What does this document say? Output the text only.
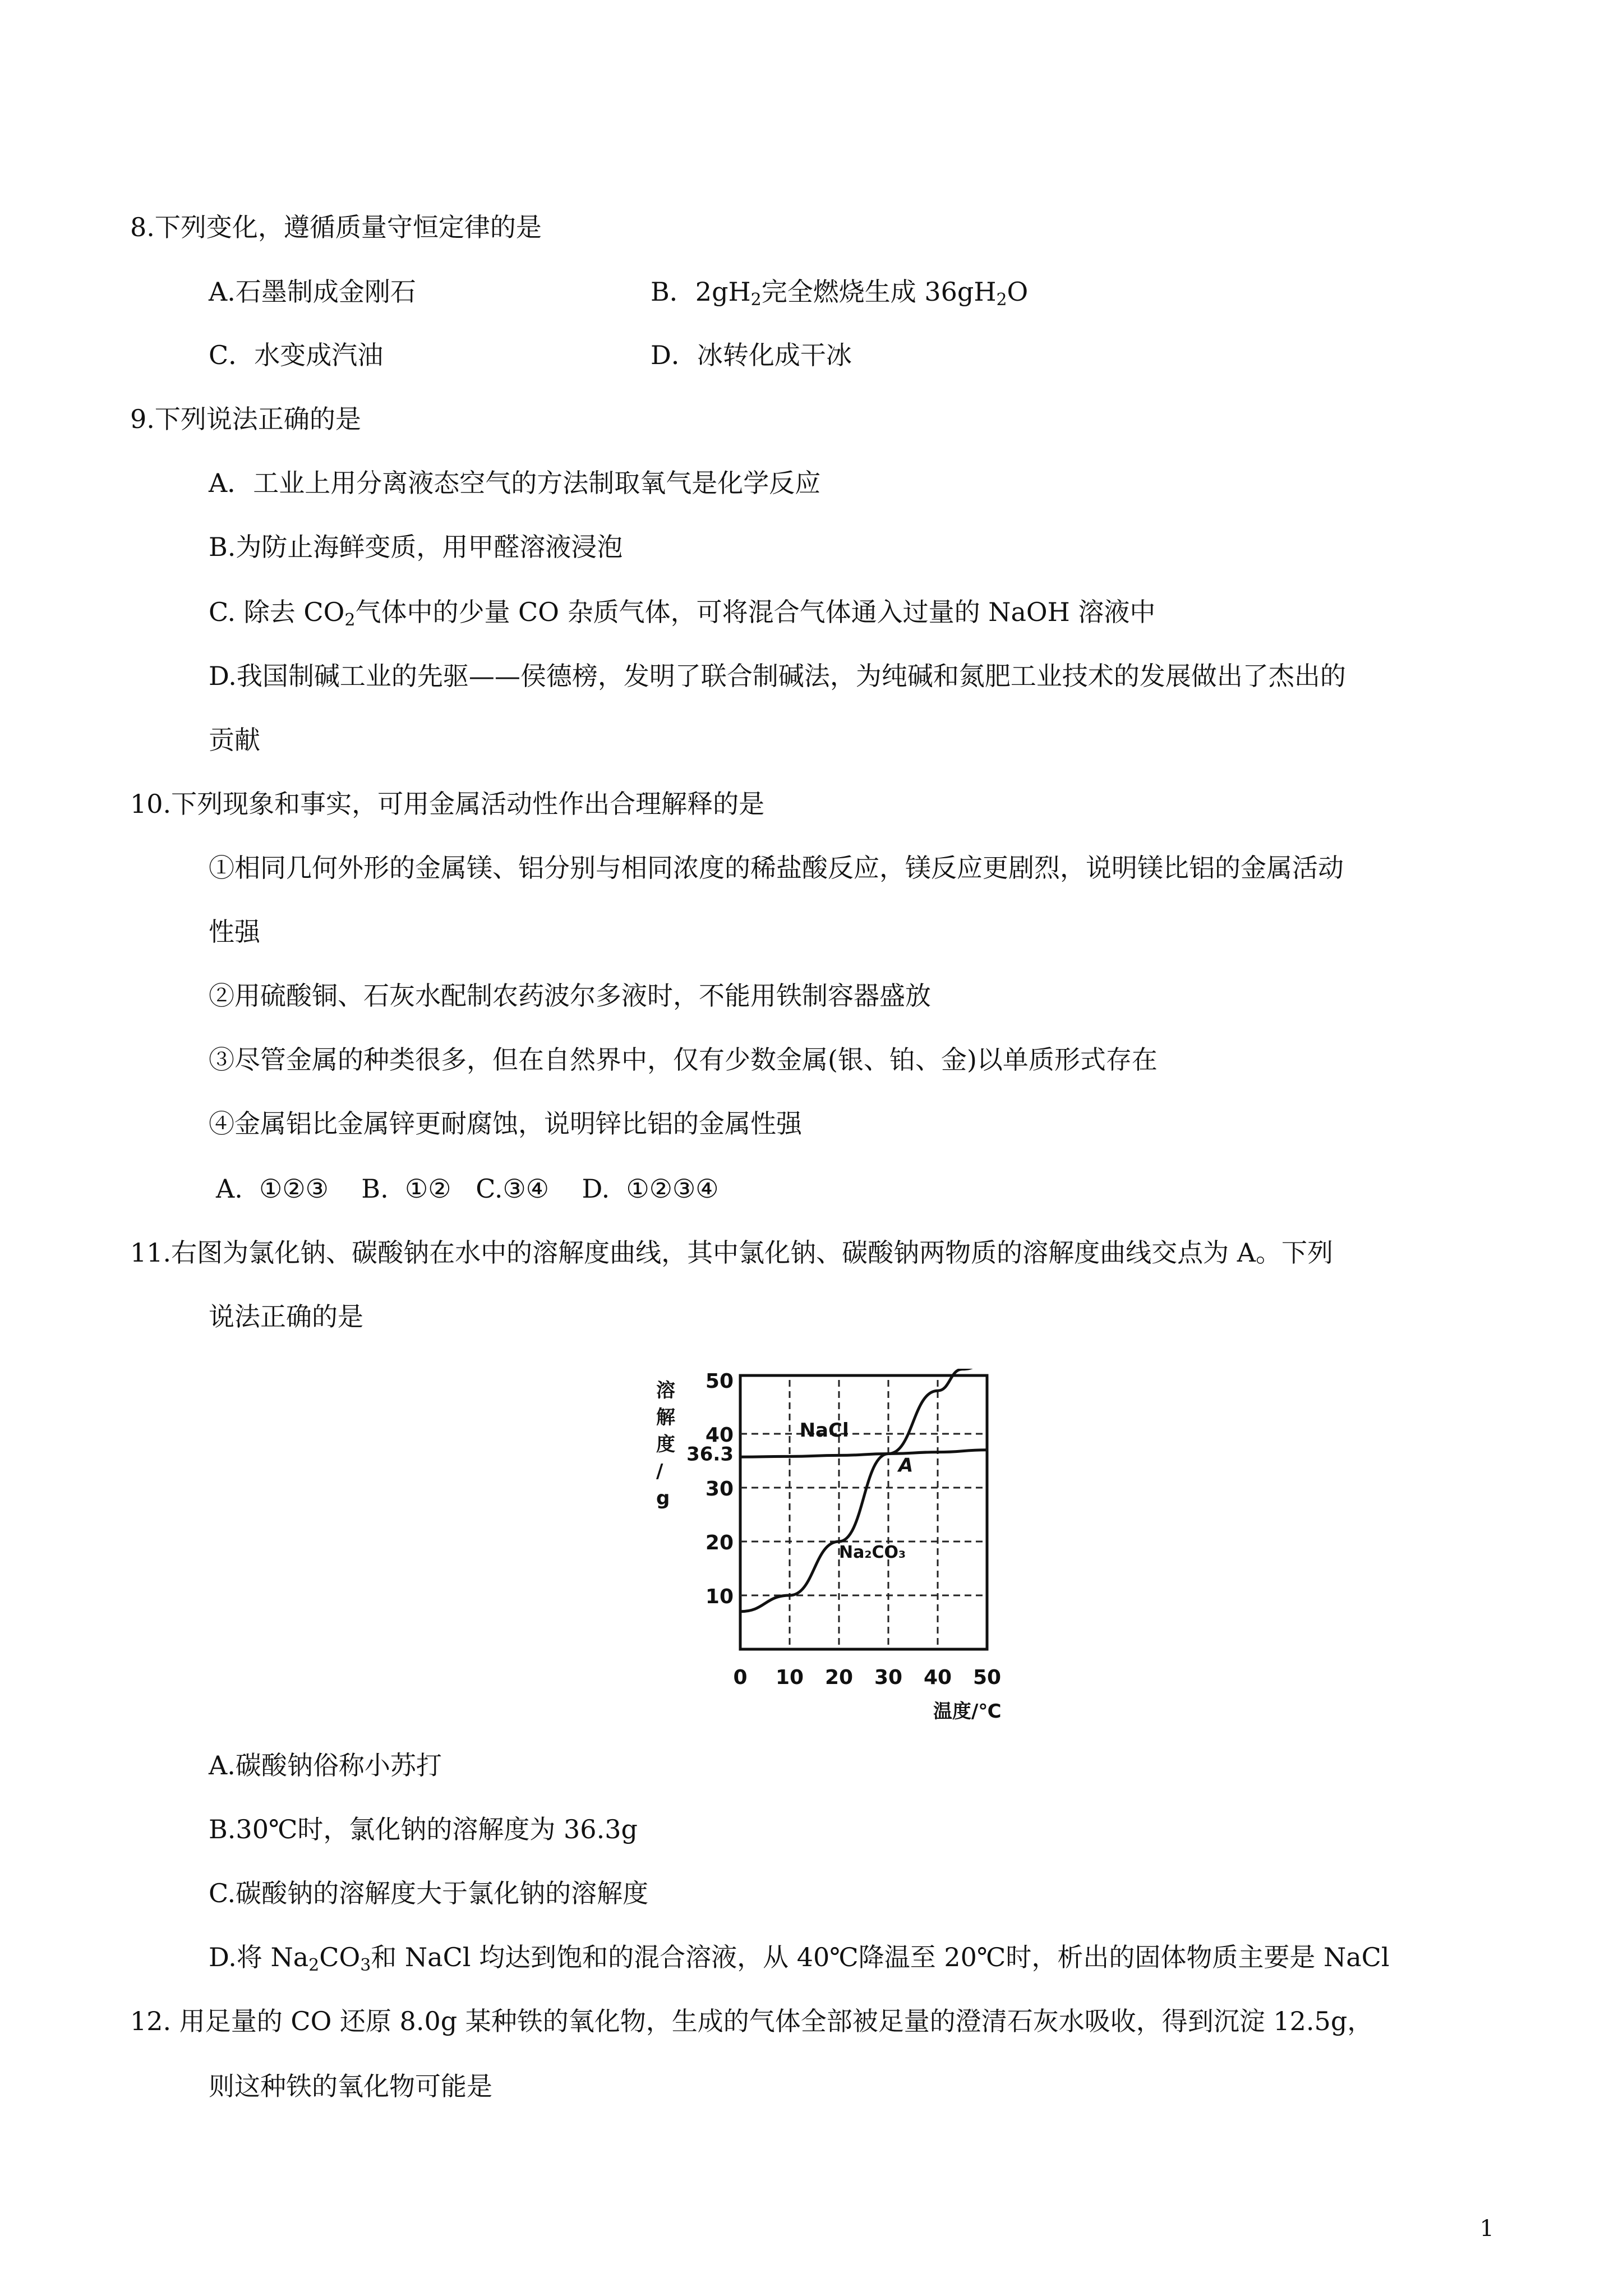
8.下列变化，遵循质量守恒定律的是
A.石墨制成金刚石	B．$2gH_2$完全燃烧生成 $36gH_2O$
C．水变成汽油	D．冰转化成干冰
9.下列说法正确的是
A．工业上用分离液态空气的方法制取氧气是化学反应
B.为防止海鲜变质，用甲醛溶液浸泡
C. 除去 $CO_2$气体中的少量 CO 杂质气体，可将混合气体通入过量的 NaOH 溶液中
D.我国制碱工业的先驱——侯德榜，发明了联合制碱法，为纯碱和氮肥工业技术的发展做出了杰出的
贡献
10.下列现象和事实，可用金属活动性作出合理解释的是
①相同几何外形的金属镁、铝分别与相同浓度的稀盐酸反应，镁反应更剧烈，说明镁比铝的金属活动
性强
②用硫酸铜、石灰水配制农药波尔多液时，不能用铁制容器盛放
③尽管金属的种类很多，但在自然界中，仅有少数金属(银、铂、金)以单质形式存在
④金属铝比金属锌更耐腐蚀，说明锌比铝的金属性强
A.  ①②③    B.  ①②   C.③④    D.  ①②③④
11.右图为氯化钠、碳酸钠在水中的溶解度曲线，其中氯化钠、碳酸钠两物质的溶解度曲线交点为 A。下列
说法正确的是
NaCl
Na₂CO₃
A
10
20
30
40
50
36.3
0 10 20 30 40 50
溶
解
度
/
g
温度/℃
A.碳酸钠俗称小苏打
B.30℃时，氯化钠的溶解度为 36.3g
C.碳酸钠的溶解度大于氯化钠的溶解度
D.将 $Na_2CO_3$和 NaCl 均达到饱和的混合溶液，从 40℃降温至 20℃时，析出的固体物质主要是 NaCl
12. 用足量的 CO 还原 8.0g 某种铁的氧化物，生成的气体全部被足量的澄清石灰水吸收，得到沉淀 12.5g，
则这种铁的氧化物可能是
1
